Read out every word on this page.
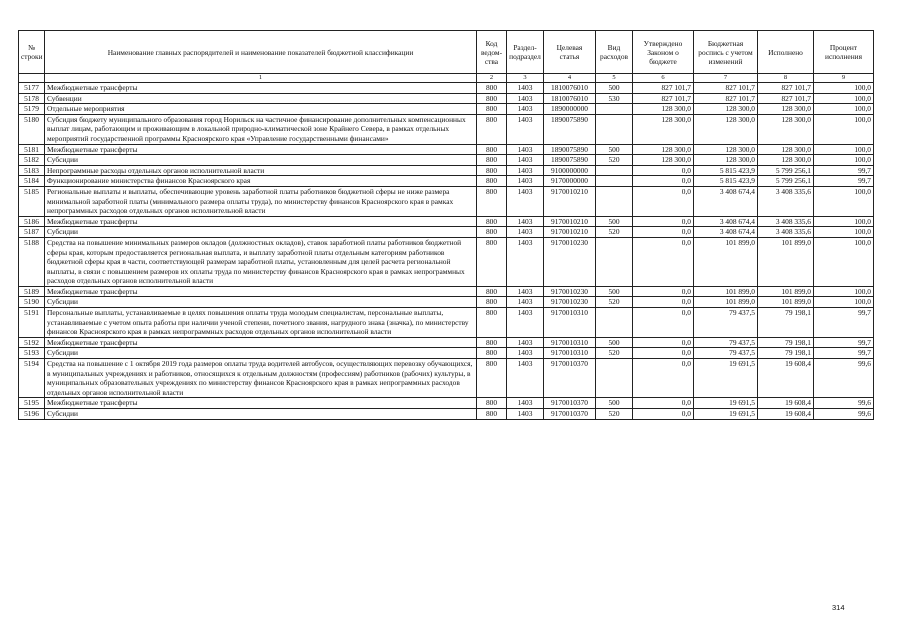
№ строки	Наименование главных распорядителей и наименование показателей бюджетной классификации	Код ведом-ства	Раздел-подраздел	Целевая статья	Вид расходов	Утверждено Законом о бюджете	Бюджетная роспись с учетом изменений	Исполнено	Процент исполнения
	1	2	3	4	5	6	7	8	9
5177	Межбюджетные трансферты	800	1403	1810076010	500	827 101,7	827 101,7	827 101,7	100,0
5178	Субвенции	800	1403	1810076010	530	827 101,7	827 101,7	827 101,7	100,0
5179	Отдельные мероприятия	800	1403	1890000000		128 300,0	128 300,0	128 300,0	100,0
5180	Субсидия бюджету муниципального образования город Норильск на частичное финансирование дополнительных компенсационных выплат лицам, работающим и проживающим в локальной природно-климатической зоне Крайнего Севера, в рамках отдельных мероприятий государственной программы Красноярского края «Управление государственными финансами»	800	1403	1890075890		128 300,0	128 300,0	128 300,0	100,0
5181	Межбюджетные трансферты	800	1403	1890075890	500	128 300,0	128 300,0	128 300,0	100,0
5182	Субсидии	800	1403	1890075890	520	128 300,0	128 300,0	128 300,0	100,0
5183	Непрограммные расходы отдельных органов исполнительной власти	800	1403	9100000000		0,0	5 815 423,9	5 799 256,1	99,7
5184	Функционирование министерства финансов Красноярского края	800	1403	9170000000		0,0	5 815 423,9	5 799 256,1	99,7
5185	Региональные выплаты и выплаты, обеспечивающие уровень заработной платы работников бюджетной сферы не ниже размера минимальной заработной платы (минимального размера оплаты труда), по министерству финансов Красноярского края в рамках непрограммных расходов отдельных органов исполнительной власти	800	1403	9170010210		0,0	3 408 674,4	3 408 335,6	100,0
5186	Межбюджетные трансферты	800	1403	9170010210	500	0,0	3 408 674,4	3 408 335,6	100,0
5187	Субсидии	800	1403	9170010210	520	0,0	3 408 674,4	3 408 335,6	100,0
5188	Средства на повышение минимальных размеров окладов (должностных окладов), ставок заработной платы работников бюджетной сферы края, которым предоставляется региональная выплата, и выплату заработной платы отдельным категориям работников бюджетной сферы края в части, соответствующей размерам заработной платы, установленным для целей расчета региональной выплаты, в связи с повышением размеров их оплаты труда по министерству финансов Красноярского края в рамках непрограммных расходов отдельных органов исполнительной власти	800	1403	9170010230		0,0	101 899,0	101 899,0	100,0
5189	Межбюджетные трансферты	800	1403	9170010230	500	0,0	101 899,0	101 899,0	100,0
5190	Субсидии	800	1403	9170010230	520	0,0	101 899,0	101 899,0	100,0
5191	Персональные выплаты, устанавливаемые в целях повышения оплаты труда молодым специалистам, персональные выплаты, устанавливаемые с учетом опыта работы при наличии ученой степени, почетного звания, нагрудного знака (значка), по министерству финансов Красноярского края в рамках непрограммных расходов отдельных органов исполнительной власти	800	1403	9170010310		0,0	79 437,5	79 198,1	99,7
5192	Межбюджетные трансферты	800	1403	9170010310	500	0,0	79 437,5	79 198,1	99,7
5193	Субсидии	800	1403	9170010310	520	0,0	79 437,5	79 198,1	99,7
5194	Средства на повышение с 1 октября 2019 года размеров оплаты труда водителей автобусов, осуществляющих перевозку обучающихся, в муниципальных учреждениях и работников, относящихся к отдельным должностям (профессиям) работников (рабочих) культуры, в муниципальных образовательных учреждениях по министерству финансов Красноярского края в рамках непрограммных расходов отдельных органов исполнительной власти	800	1403	9170010370		0,0	19 691,5	19 608,4	99,6
5195	Межбюджетные трансферты	800	1403	9170010370	500	0,0	19 691,5	19 608,4	99,6
5196	Субсидии	800	1403	9170010370	520	0,0	19 691,5	19 608,4	99,6
314
